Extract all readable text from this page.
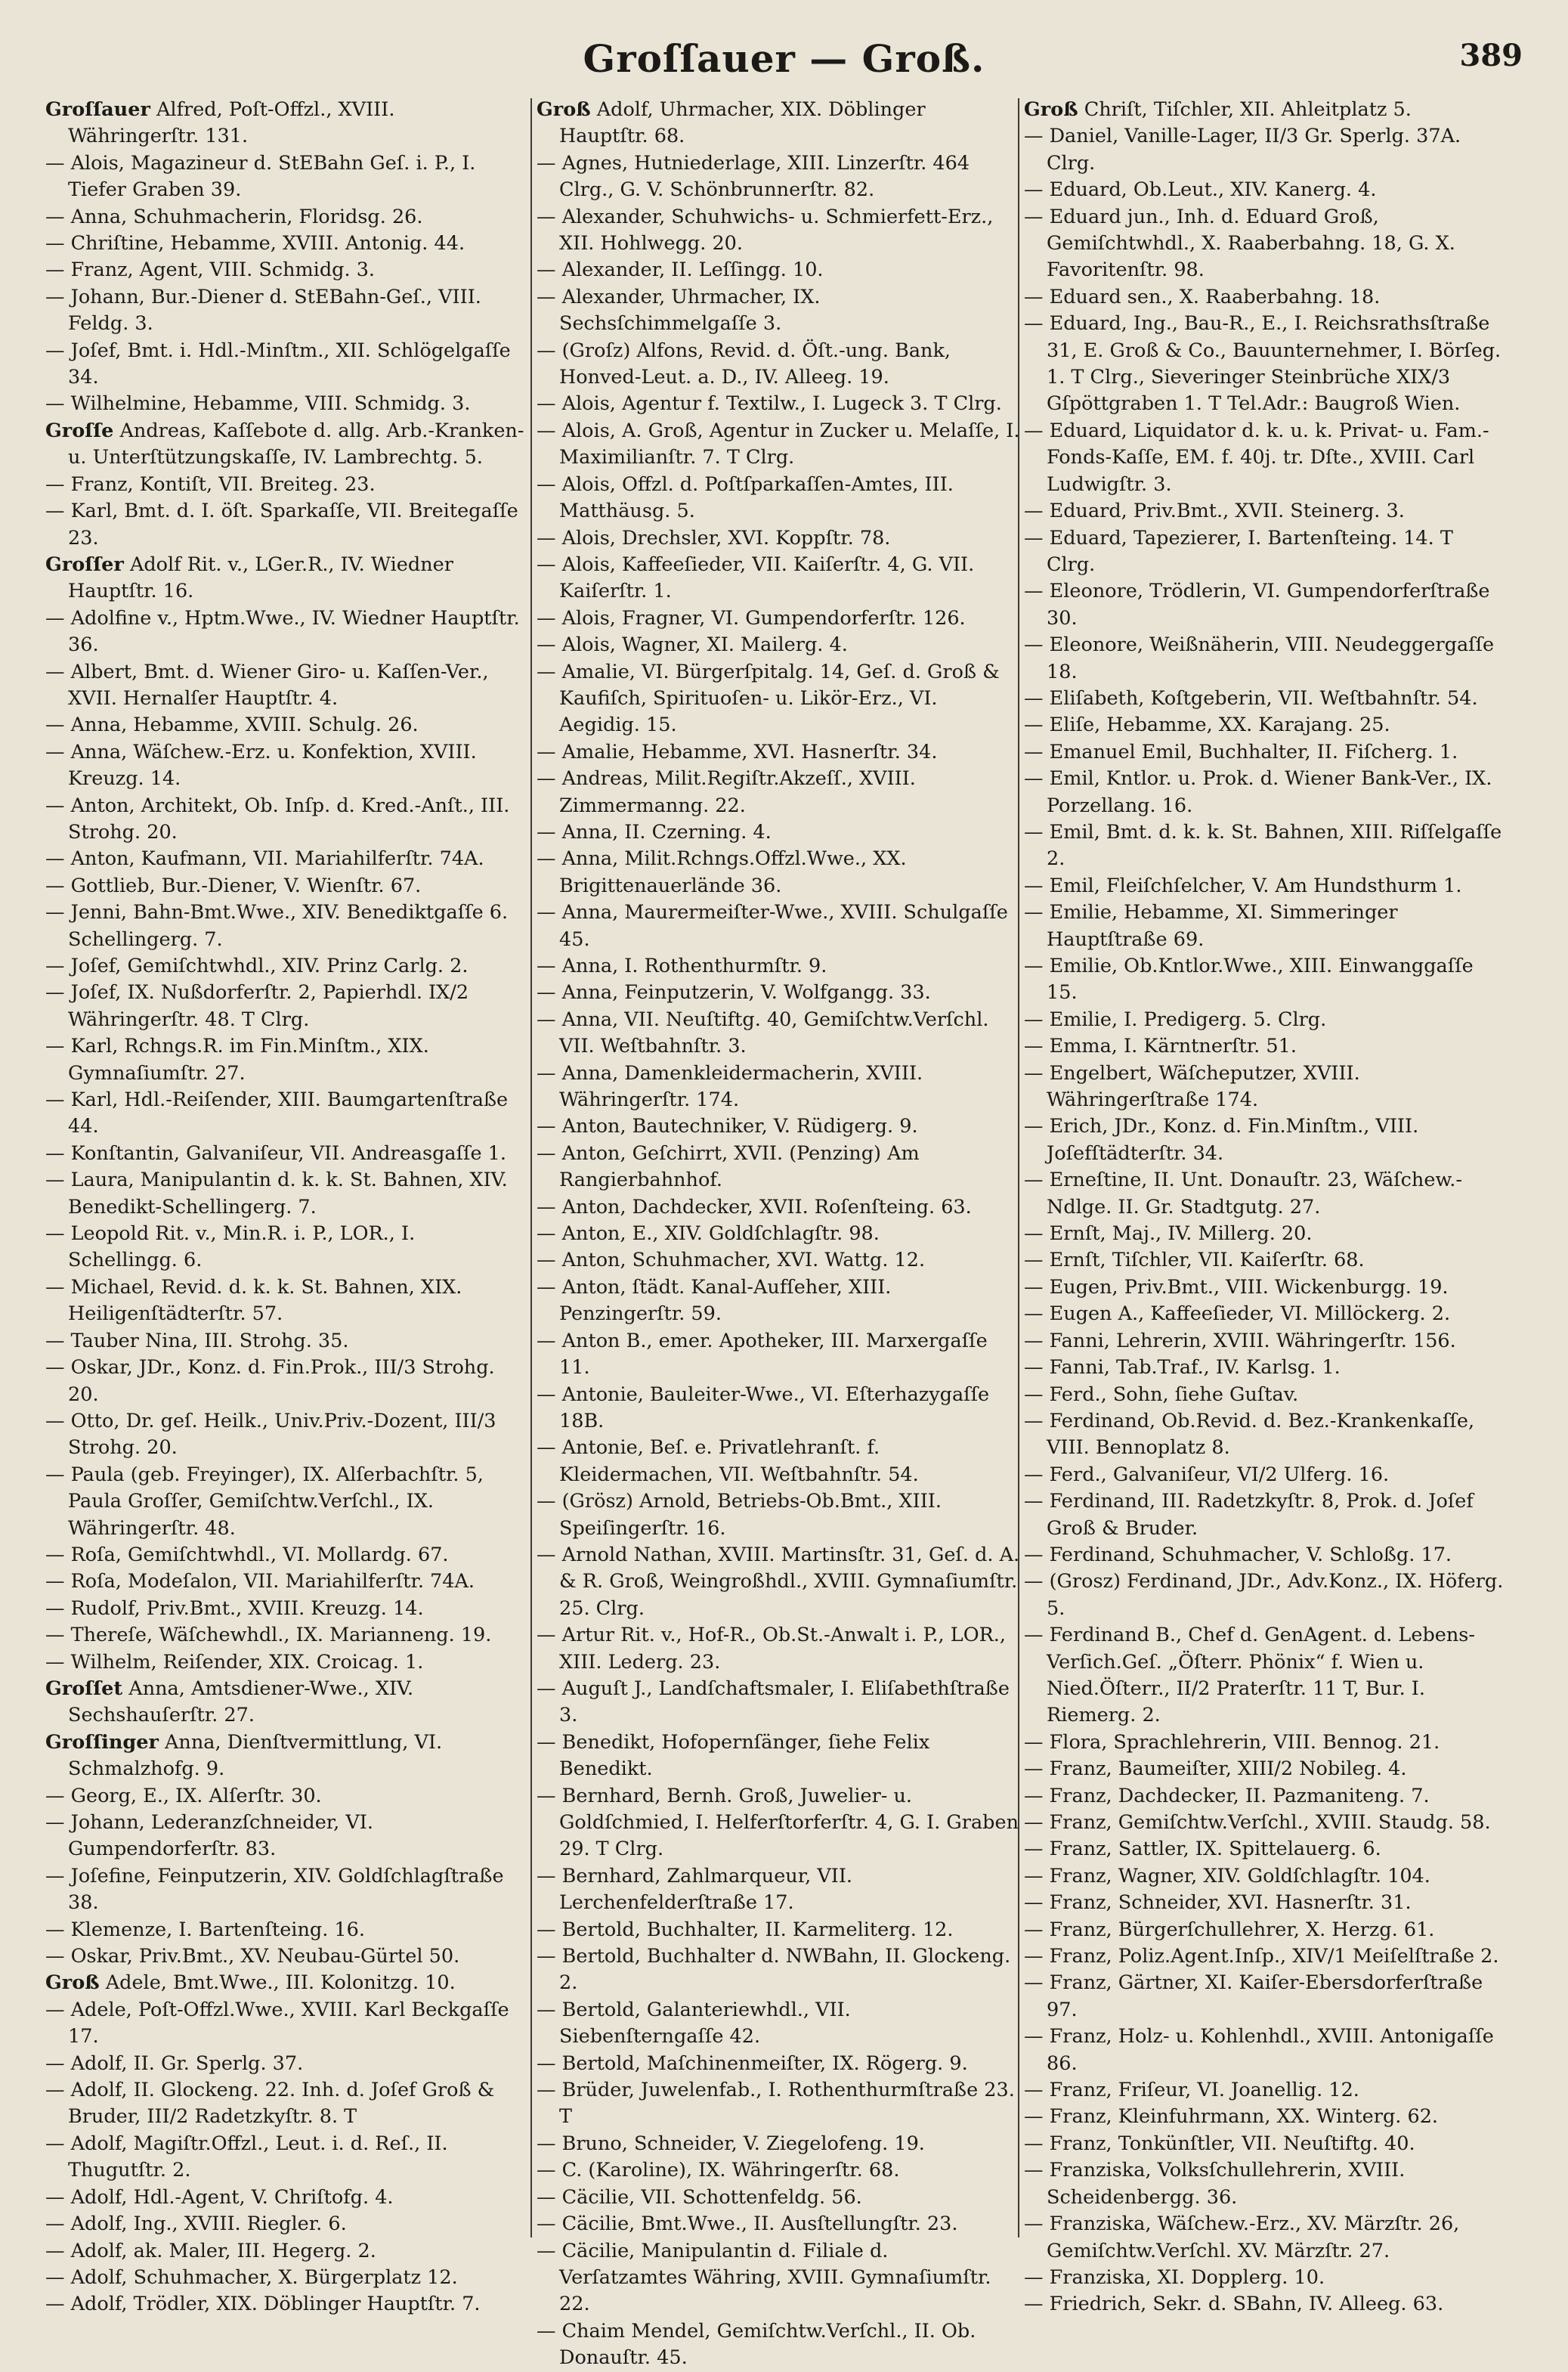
Groſſauer — Groß.	389
Groſſauer Alfred, Poſt-Offzl., XVIII. Währingerſtr. 131.
— Alois, Magazineur d. StEBahn Geſ. i. P., I. Tiefer Graben 39.
— Anna, Schuhmacherin, Floridsg. 26.
— Chriſtine, Hebamme, XVIII. Antonig. 44.
— Franz, Agent, VIII. Schmidg. 3.
— Johann, Bur.-Diener d. StEBahn-Geſ., VIII. Feldg. 3.
— Joſef, Bmt. i. Hdl.-Minſtm., XII. Schlögelgaſſe 34.
— Wilhelmine, Hebamme, VIII. Schmidg. 3.
Groſſe Andreas, Kaſſebote d. allg. Arb.-Kranken- u. Unterſtützungskaſſe, IV. Lambrechtg. 5.
— Franz, Kontiſt, VII. Breiteg. 23.
— Karl, Bmt. d. I. öſt. Sparkaſſe, VII. Breitegaſſe 23.
Groſſer Adolf Rit. v., LGer.R., IV. Wiedner Hauptſtr. 16.
— Adolfine v., Hptm.Wwe., IV. Wiedner Hauptſtr. 36.
— Albert, Bmt. d. Wiener Giro- u. Kaſſen-Ver., XVII. Hernalſer Hauptſtr. 4.
— Anna, Hebamme, XVIII. Schulg. 26.
— Anna, Wäſchew.-Erz. u. Konfektion, XVIII. Kreuzg. 14.
— Anton, Architekt, Ob. Inſp. d. Kred.-Anſt., III. Strohg. 20.
— Anton, Kaufmann, VII. Mariahilferſtr. 74A.
— Gottlieb, Bur.-Diener, V. Wienſtr. 67.
— Jenni, Bahn-Bmt.Wwe., XIV. Benediktgaſſe 6. Schellingerg. 7.
— Joſef, Gemiſchtwhdl., XIV. Prinz Carlg. 2.
— Joſef, IX. Nußdorferſtr. 2, Papierhdl. IX/2 Währingerſtr. 48. T Clrg.
— Karl, Rchngs.R. im Fin.Minſtm., XIX. Gymnaſiumſtr. 27.
— Karl, Hdl.-Reiſender, XIII. Baumgartenſtraße 44.
— Konſtantin, Galvaniſeur, VII. Andreasgaſſe 1.
— Laura, Manipulantin d. k. k. St. Bahnen, XIV. Benedikt-Schellingerg. 7.
— Leopold Rit. v., Min.R. i. P., LOR., I. Schellingg. 6.
— Michael, Revid. d. k. k. St. Bahnen, XIX. Heiligenſtädterſtr. 57.
— Tauber Nina, III. Strohg. 35.
— Oskar, JDr., Konz. d. Fin.Prok., III/3 Strohg. 20.
— Otto, Dr. geſ. Heilk., Univ.Priv.-Dozent, III/3 Strohg. 20.
— Paula (geb. Freyinger), IX. Alſerbachſtr. 5, Paula Groſſer, Gemiſchtw.Verſchl., IX. Währingerſtr. 48.
— Roſa, Gemiſchtwhdl., VI. Mollardg. 67.
— Roſa, Modeſalon, VII. Mariahilferſtr. 74A.
— Rudolf, Priv.Bmt., XVIII. Kreuzg. 14.
— Thereſe, Wäſchewhdl., IX. Marianneng. 19.
— Wilhelm, Reiſender, XIX. Croicag. 1.
Groſſet Anna, Amtsdiener-Wwe., XIV. Sechshauſerſtr. 27.
Groſſinger Anna, Dienſtvermittlung, VI. Schmalzhofg. 9.
— Georg, E., IX. Alſerſtr. 30.
— Johann, Lederanzſchneider, VI. Gumpendorferſtr. 83.
— Joſefine, Feinputzerin, XIV. Goldſchlagſtraße 38.
— Klemenze, I. Bartenſteing. 16.
— Oskar, Priv.Bmt., XV. Neubau-Gürtel 50.
Groß Adele, Bmt.Wwe., III. Kolonitzg. 10.
— Adele, Poſt-Offzl.Wwe., XVIII. Karl Beckgaſſe 17.
— Adolf, II. Gr. Sperlg. 37.
— Adolf, II. Glockeng. 22. Inh. d. Joſef Groß & Bruder, III/2 Radetzkyſtr. 8. T
— Adolf, Magiſtr.Offzl., Leut. i. d. Reſ., II. Thugutſtr. 2.
— Adolf, Hdl.-Agent, V. Chriſtofg. 4.
— Adolf, Ing., XVIII. Riegler. 6.
— Adolf, ak. Maler, III. Hegerg. 2.
— Adolf, Schuhmacher, X. Bürgerplatz 12.
— Adolf, Trödler, XIX. Döblinger Hauptſtr. 7.
Groß Adolf, Uhrmacher, XIX. Döblinger Hauptſtr. 68.
— Agnes, Hutniederlage, XIII. Linzerſtr. 464 Clrg., G. V. Schönbrunnerſtr. 82.
— Alexander, Schuhwichs- u. Schmierfett-Erz., XII. Hohlwegg. 20.
— Alexander, II. Leſſingg. 10.
— Alexander, Uhrmacher, IX. Sechsſchimmelgaſſe 3.
— (Groſz) Alfons, Revid. d. Öſt.-ung. Bank, Honved-Leut. a. D., IV. Alleeg. 19.
— Alois, Agentur f. Textilw., I. Lugeck 3. T Clrg.
— Alois, A. Groß, Agentur in Zucker u. Melaſſe, I. Maximilianſtr. 7. T Clrg.
— Alois, Offzl. d. Poſtſparkaſſen-Amtes, III. Matthäusg. 5.
— Alois, Drechsler, XVI. Koppſtr. 78.
— Alois, Kaffeeſieder, VII. Kaiſerſtr. 4, G. VII. Kaiſerſtr. 1.
— Alois, Fragner, VI. Gumpendorferſtr. 126.
— Alois, Wagner, XI. Mailerg. 4.
— Amalie, VI. Bürgerſpitalg. 14, Geſ. d. Groß & Kaufiſch, Spirituoſen- u. Likör-Erz., VI. Aegidig. 15.
— Amalie, Hebamme, XVI. Hasnerſtr. 34.
— Andreas, Milit.Regiſtr.Akzeſſ., XVIII. Zimmermanng. 22.
— Anna, II. Czerning. 4.
— Anna, Milit.Rchngs.Offzl.Wwe., XX. Brigittenauerlände 36.
— Anna, Maurermeiſter-Wwe., XVIII. Schulgaſſe 45.
— Anna, I. Rothenthurmſtr. 9.
— Anna, Feinputzerin, V. Wolfgangg. 33.
— Anna, VII. Neuſtiftg. 40, Gemiſchtw.Verſchl. VII. Weſtbahnſtr. 3.
— Anna, Damenkleidermacherin, XVIII. Währingerſtr. 174.
— Anton, Bautechniker, V. Rüdigerg. 9.
— Anton, Geſchirrt, XVII. (Penzing) Am Rangierbahnhof.
— Anton, Dachdecker, XVII. Roſenſteing. 63.
— Anton, E., XIV. Goldſchlagſtr. 98.
— Anton, Schuhmacher, XVI. Wattg. 12.
— Anton, ſtädt. Kanal-Aufſeher, XIII. Penzingerſtr. 59.
— Anton B., emer. Apotheker, III. Marxergaſſe 11.
— Antonie, Bauleiter-Wwe., VI. Eſterhazygaſſe 18B.
— Antonie, Beſ. e. Privatlehranſt. f. Kleidermachen, VII. Weſtbahnſtr. 54.
— (Grösz) Arnold, Betriebs-Ob.Bmt., XIII. Speiſingerſtr. 16.
— Arnold Nathan, XVIII. Martinsſtr. 31, Geſ. d. A. & R. Groß, Weingroßhdl., XVIII. Gymnaſiumſtr. 25. Clrg.
— Artur Rit. v., Hof-R., Ob.St.-Anwalt i. P., LOR., XIII. Lederg. 23.
— Auguſt J., Landſchaftsmaler, I. Eliſabethſtraße 3.
— Benedikt, Hofopernſänger, ſiehe Felix Benedikt.
— Bernhard, Bernh. Groß, Juwelier- u. Goldſchmied, I. Helferſtorferſtr. 4, G. I. Graben 29. T Clrg.
— Bernhard, Zahlmarqueur, VII. Lerchenfelderſtraße 17.
— Bertold, Buchhalter, II. Karmeliterg. 12.
— Bertold, Buchhalter d. NWBahn, II. Glockeng. 2.
— Bertold, Galanteriewhdl., VII. Siebenſterngaſſe 42.
— Bertold, Maſchinenmeiſter, IX. Rögerg. 9.
— Brüder, Juwelenfab., I. Rothenthurmſtraße 23. T
— Bruno, Schneider, V. Ziegelofeng. 19.
— C. (Karoline), IX. Währingerſtr. 68.
— Cäcilie, VII. Schottenfeldg. 56.
— Cäcilie, Bmt.Wwe., II. Ausſtellungſtr. 23.
— Cäcilie, Manipulantin d. Filiale d. Verſatzamtes Währing, XVIII. Gymnaſiumſtr. 22.
— Chaim Mendel, Gemiſchtw.Verſchl., II. Ob. Donauſtr. 45.
Groß Chriſt, Tiſchler, XII. Ahleitplatz 5.
— Daniel, Vanille-Lager, II/3 Gr. Sperlg. 37A. Clrg.
— Eduard, Ob.Leut., XIV. Kanerg. 4.
— Eduard jun., Inh. d. Eduard Groß, Gemiſchtwhdl., X. Raaberbahng. 18, G. X. Favoritenſtr. 98.
— Eduard sen., X. Raaberbahng. 18.
— Eduard, Ing., Bau-R., E., I. Reichsrathsſtraße 31, E. Groß & Co., Bauunternehmer, I. Börſeg. 1. T Clrg., Sieveringer Steinbrüche XIX/3 Gſpöttgraben 1. T Tel.Adr.: Baugroß Wien.
— Eduard, Liquidator d. k. u. k. Privat- u. Fam.-Fonds-Kaſſe, EM. f. 40j. tr. Dſte., XVIII. Carl Ludwigſtr. 3.
— Eduard, Priv.Bmt., XVII. Steinerg. 3.
— Eduard, Tapezierer, I. Bartenſteing. 14. T Clrg.
— Eleonore, Trödlerin, VI. Gumpendorferſtraße 30.
— Eleonore, Weißnäherin, VIII. Neudeggergaſſe 18.
— Eliſabeth, Koſtgeberin, VII. Weſtbahnſtr. 54.
— Eliſe, Hebamme, XX. Karajang. 25.
— Emanuel Emil, Buchhalter, II. Fiſcherg. 1.
— Emil, Kntlor. u. Prok. d. Wiener Bank-Ver., IX. Porzellang. 16.
— Emil, Bmt. d. k. k. St. Bahnen, XIII. Riſſelgaſſe 2.
— Emil, Fleiſchſelcher, V. Am Hundsthurm 1.
— Emilie, Hebamme, XI. Simmeringer Hauptſtraße 69.
— Emilie, Ob.Kntlor.Wwe., XIII. Einwanggaſſe 15.
— Emilie, I. Predigerg. 5. Clrg.
— Emma, I. Kärntnerſtr. 51.
— Engelbert, Wäſcheputzer, XVIII. Währingerſtraße 174.
— Erich, JDr., Konz. d. Fin.Minſtm., VIII. Joſefſtädterſtr. 34.
— Erneſtine, II. Unt. Donauſtr. 23, Wäſchew.-Ndlge. II. Gr. Stadtgutg. 27.
— Ernſt, Maj., IV. Millerg. 20.
— Ernſt, Tiſchler, VII. Kaiſerſtr. 68.
— Eugen, Priv.Bmt., VIII. Wickenburgg. 19.
— Eugen A., Kaffeeſieder, VI. Millöckerg. 2.
— Fanni, Lehrerin, XVIII. Währingerſtr. 156.
— Fanni, Tab.Traf., IV. Karlsg. 1.
— Ferd., Sohn, ſiehe Guſtav.
— Ferdinand, Ob.Revid. d. Bez.-Krankenkaſſe, VIII. Bennoplatz 8.
— Ferd., Galvaniſeur, VI/2 Ulferg. 16.
— Ferdinand, III. Radetzkyſtr. 8, Prok. d. Joſef Groß & Bruder.
— Ferdinand, Schuhmacher, V. Schloßg. 17.
— (Grosz) Ferdinand, JDr., Adv.Konz., IX. Höferg. 5.
— Ferdinand B., Chef d. GenAgent. d. Lebens-Verſich.Geſ. „Öſterr. Phönix“ f. Wien u. Nied.Öſterr., II/2 Praterſtr. 11 T, Bur. I. Riemerg. 2.
— Flora, Sprachlehrerin, VIII. Bennog. 21.
— Franz, Baumeiſter, XIII/2 Nobileg. 4.
— Franz, Dachdecker, II. Pazmaniteng. 7.
— Franz, Gemiſchtw.Verſchl., XVIII. Staudg. 58.
— Franz, Sattler, IX. Spittelauerg. 6.
— Franz, Wagner, XIV. Goldſchlagſtr. 104.
— Franz, Schneider, XVI. Hasnerſtr. 31.
— Franz, Bürgerſchullehrer, X. Herzg. 61.
— Franz, Poliz.Agent.Inſp., XIV/1 Meiſelſtraße 2.
— Franz, Gärtner, XI. Kaiſer-Ebersdorferſtraße 97.
— Franz, Holz- u. Kohlenhdl., XVIII. Antonigaſſe 86.
— Franz, Friſeur, VI. Joanellig. 12.
— Franz, Kleinfuhrmann, XX. Winterg. 62.
— Franz, Tonkünſtler, VII. Neuſtiftg. 40.
— Franziska, Volksſchullehrerin, XVIII. Scheidenbergg. 36.
— Franziska, Wäſchew.-Erz., XV. Märzſtr. 26, Gemiſchtw.Verſchl. XV. Märzſtr. 27.
— Franziska, XI. Dopplerg. 10.
— Friedrich, Sekr. d. SBahn, IV. Alleeg. 63.
